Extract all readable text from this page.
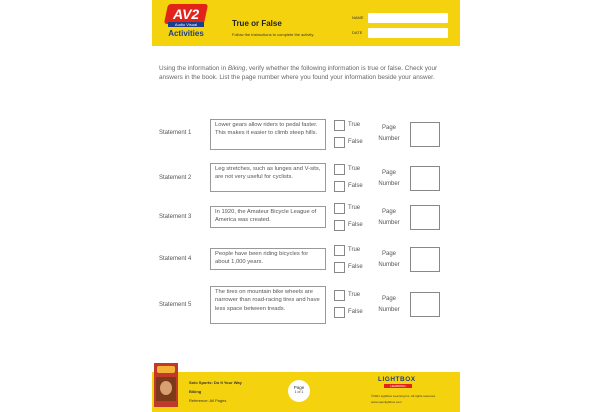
AV2
Audio Visual
Activities
True or False
Follow the instructions to complete the activity.
NAME
DATE
Using the information in Biking, verify whether the following information is true or false. Check your answers in the book. List the page number where you found your information beside your answer.
Statement 1
Lower gears allow riders to pedal faster. This makes it easier to climb steep hills.
True
False
Page Number
Statement 2
Leg stretches, such as lunges and V-sits, are not very useful for cyclists.
True
False
Page Number
Statement 3
In 1920, the Amateur Bicycle League of America was created.
True
False
Page Number
Statement 4
People have been riding bicycles for about 1,000 years.
True
False
Page Number
Statement 5
The tires on mountain bike wheels are narrower than road-racing tires and have less space between treads.
True
False
Page Number
Solo Sports: Do It Your Way
Biking
Reference: All Pages
Page
1 of 1
LIGHTBOX
LEARNING
©2021 Lightbox Learning Inc. All rights reserved.
www.openlightbox.com
